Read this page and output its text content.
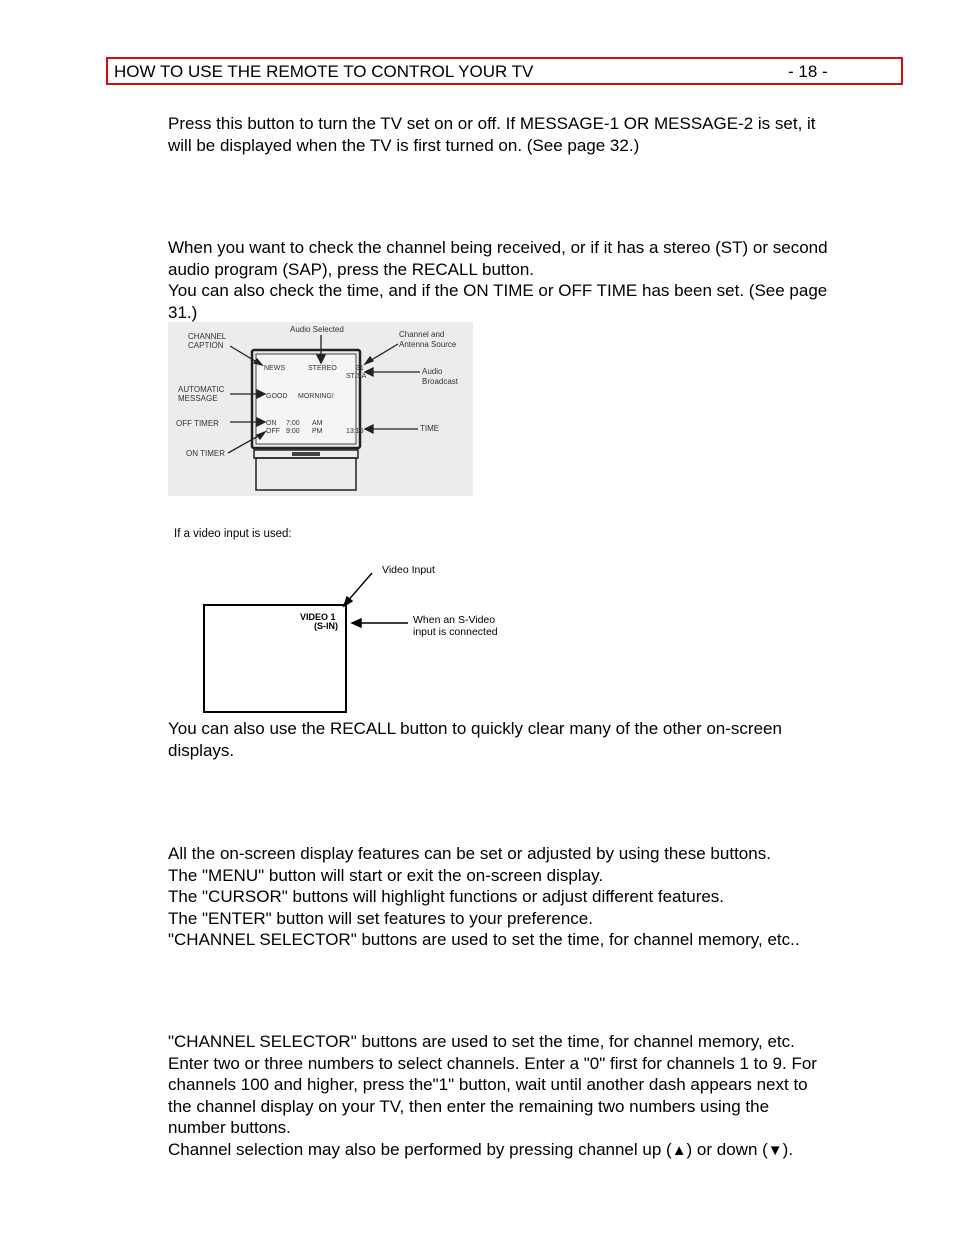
HOW TO USE THE REMOTE TO CONTROL YOUR TV	- 18 -
Press this button to turn the TV set on or off. If MESSAGE-1 OR MESSAGE-2 is set, it
will be displayed when the TV is first turned on. (See page 32.)
When you want to check the channel being received, or if it has a stereo (ST) or second
audio program (SAP), press the RECALL button.
You can also check the time, and if the ON TIME or OFF TIME has been set. (See page
31.)
CHANNEL
CAPTION
Audio Selected
Channel and
Antenna Source
AUTOMATIC
MESSAGE
OFF TIMER
ON TIMER
Audio
Broadcast
TIME
NEWS	STEREO	31
ST/SA
GOOD MORNING!
ON 7:00 AM
OFF 9:00 PM	13:15
If a video input is used:
Video Input
VIDEO 1
(S-IN)	When an S-Video
input is connected
You can also use the RECALL button to quickly clear many of the other on-screen
displays.
All the on-screen display features can be set or adjusted by using these buttons.
The "MENU" button will start or exit the on-screen display.
The "CURSOR" buttons will highlight functions or adjust different features.
The "ENTER" button will set features to your preference.
"CHANNEL SELECTOR" buttons are used to set the time, for channel memory, etc..
"CHANNEL SELECTOR" buttons are used to set the time, for channel memory, etc.
Enter two or three numbers to select channels. Enter a "0" first for channels 1 to 9. For
channels 100 and higher, press the"1" button, wait until another dash appears next to
the channel display on your TV, then enter the remaining two numbers using the
number buttons.
Channel selection may also be performed by pressing channel up (▲) or down (▼).
